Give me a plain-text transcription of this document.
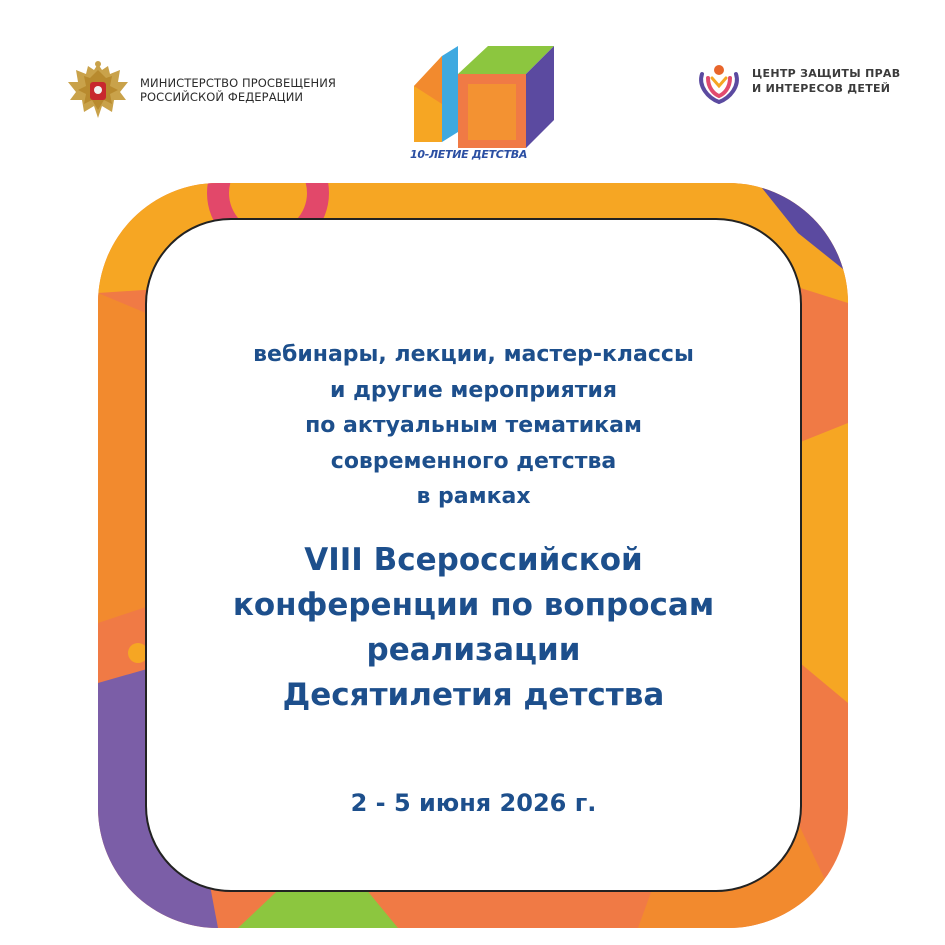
МИНИСТЕРСТВО ПРОСВЕЩЕНИЯ
РОССИЙСКОЙ ФЕДЕРАЦИИ
10-ЛЕТИЕ ДЕТСТВА
ЦЕНТР ЗАЩИТЫ ПРАВ
И ИНТЕРЕСОВ ДЕТЕЙ
вебинары, лекции, мастер-классы
и другие мероприятия
по актуальным тематикам
современного детства
в рамках
VIII Всероссийской
конференции по вопросам
реализации
Десятилетия детства
2 - 5 июня 2026 г.
